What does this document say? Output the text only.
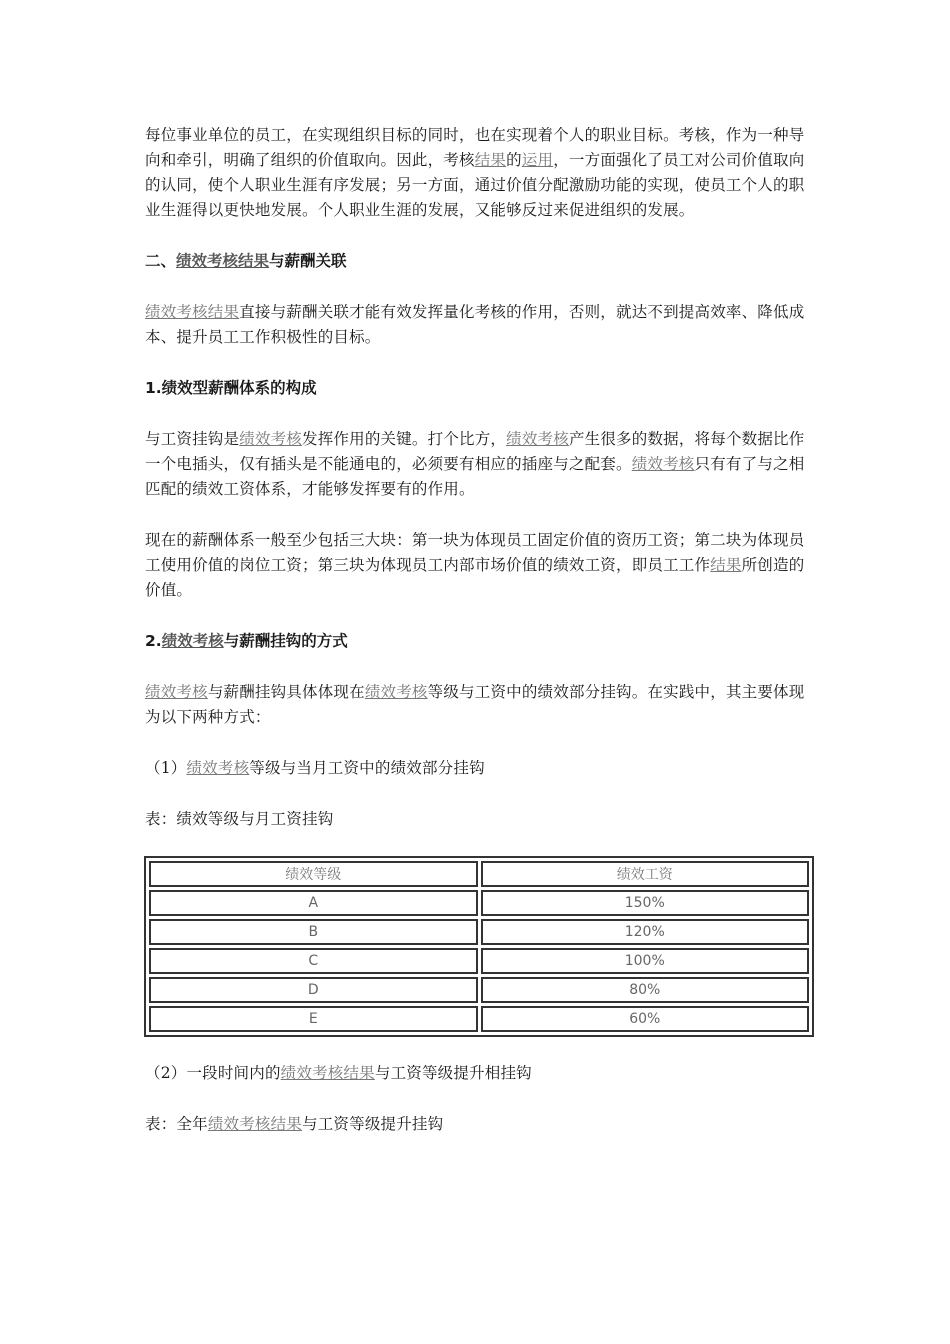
每位事业单位的员工，在实现组织目标的同时，也在实现着个人的职业目标。考核，作为一种导向和牵引，明确了组织的价值取向。因此，考核结果的运用，一方面强化了员工对公司价值取向的认同，使个人职业生涯有序发展；另一方面，通过价值分配激励功能的实现，使员工个人的职业生涯得以更快地发展。个人职业生涯的发展，又能够反过来促进组织的发展。

二、绩效考核结果与薪酬关联

绩效考核结果直接与薪酬关联才能有效发挥量化考核的作用，否则，就达不到提高效率、降低成本、提升员工工作积极性的目标。

1.绩效型薪酬体系的构成

与工资挂钩是绩效考核发挥作用的关键。打个比方，绩效考核产生很多的数据，将每个数据比作一个电插头，仅有插头是不能通电的，必须要有相应的插座与之配套。绩效考核只有有了与之相匹配的绩效工资体系，才能够发挥要有的作用。

现在的薪酬体系一般至少包括三大块：第一块为体现员工固定价值的资历工资；第二块为体现员工使用价值的岗位工资；第三块为体现员工内部市场价值的绩效工资，即员工工作结果所创造的价值。

2.绩效考核与薪酬挂钩的方式

绩效考核与薪酬挂钩具体体现在绩效考核等级与工资中的绩效部分挂钩。在实践中，其主要体现为以下两种方式：

（1）绩效考核等级与当月工资中的绩效部分挂钩

表：绩效等级与月工资挂钩

绩效等级	绩效工资
A	150%
B	120%
C	100%
D	80%
E	60%

（2）一段时间内的绩效考核结果与工资等级提升相挂钩

表：全年绩效考核结果与工资等级提升挂钩
